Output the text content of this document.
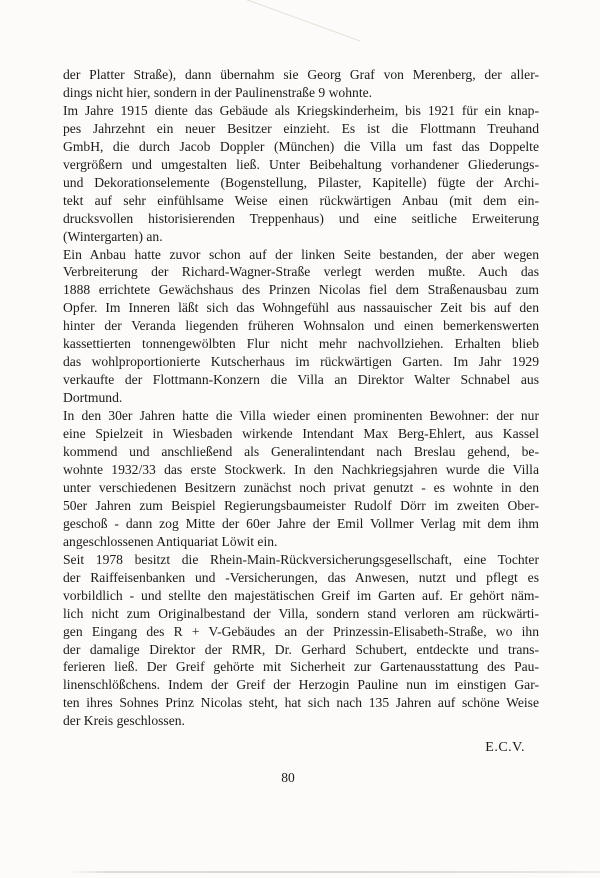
der Platter Straße), dann übernahm sie Georg Graf von Merenberg, der aller-
dings nicht hier, sondern in der Paulinenstraße 9 wohnte.
Im Jahre 1915 diente das Gebäude als Kriegskinderheim, bis 1921 für ein knap-
pes Jahrzehnt ein neuer Besitzer einzieht. Es ist die Flottmann Treuhand
GmbH, die durch Jacob Doppler (München) die Villa um fast das Doppelte
vergrößern und umgestalten ließ. Unter Beibehaltung vorhandener Gliederungs-
und Dekorationselemente (Bogenstellung, Pilaster, Kapitelle) fügte der Archi-
tekt auf sehr einfühlsame Weise einen rückwärtigen Anbau (mit dem ein-
drucksvollen historisierenden Treppenhaus) und eine seitliche Erweiterung
(Wintergarten) an.
Ein Anbau hatte zuvor schon auf der linken Seite bestanden, der aber wegen
Verbreiterung der Richard-Wagner-Straße verlegt werden mußte. Auch das
1888 errichtete Gewächshaus des Prinzen Nicolas fiel dem Straßenausbau zum
Opfer. Im Inneren läßt sich das Wohngefühl aus nassauischer Zeit bis auf den
hinter der Veranda liegenden früheren Wohnsalon und einen bemerkenswerten
kassettierten tonnengewölbten Flur nicht mehr nachvollziehen. Erhalten blieb
das wohlproportionierte Kutscherhaus im rückwärtigen Garten. Im Jahr 1929
verkaufte der Flottmann-Konzern die Villa an Direktor Walter Schnabel aus
Dortmund.
In den 30er Jahren hatte die Villa wieder einen prominenten Bewohner: der nur
eine Spielzeit in Wiesbaden wirkende Intendant Max Berg-Ehlert, aus Kassel
kommend und anschließend als Generalintendant nach Breslau gehend, be-
wohnte 1932/33 das erste Stockwerk. In den Nachkriegsjahren wurde die Villa
unter verschiedenen Besitzern zunächst noch privat genutzt - es wohnte in den
50er Jahren zum Beispiel Regierungsbaumeister Rudolf Dörr im zweiten Ober-
geschoß - dann zog Mitte der 60er Jahre der Emil Vollmer Verlag mit dem ihm
angeschlossenen Antiquariat Löwit ein.
Seit 1978 besitzt die Rhein-Main-Rückversicherungsgesellschaft, eine Tochter
der Raiffeisenbanken und -Versicherungen, das Anwesen, nutzt und pflegt es
vorbildlich - und stellte den majestätischen Greif im Garten auf. Er gehört näm-
lich nicht zum Originalbestand der Villa, sondern stand verloren am rückwärti-
gen Eingang des R + V-Gebäudes an der Prinzessin-Elisabeth-Straße, wo ihn
der damalige Direktor der RMR, Dr. Gerhard Schubert, entdeckte und trans-
ferieren ließ. Der Greif gehörte mit Sicherheit zur Gartenausstattung des Pau-
linenschlößchens. Indem der Greif der Herzogin Pauline nun im einstigen Gar-
ten ihres Sohnes Prinz Nicolas steht, hat sich nach 135 Jahren auf schöne Weise
der Kreis geschlossen.
E.C.V.
80
